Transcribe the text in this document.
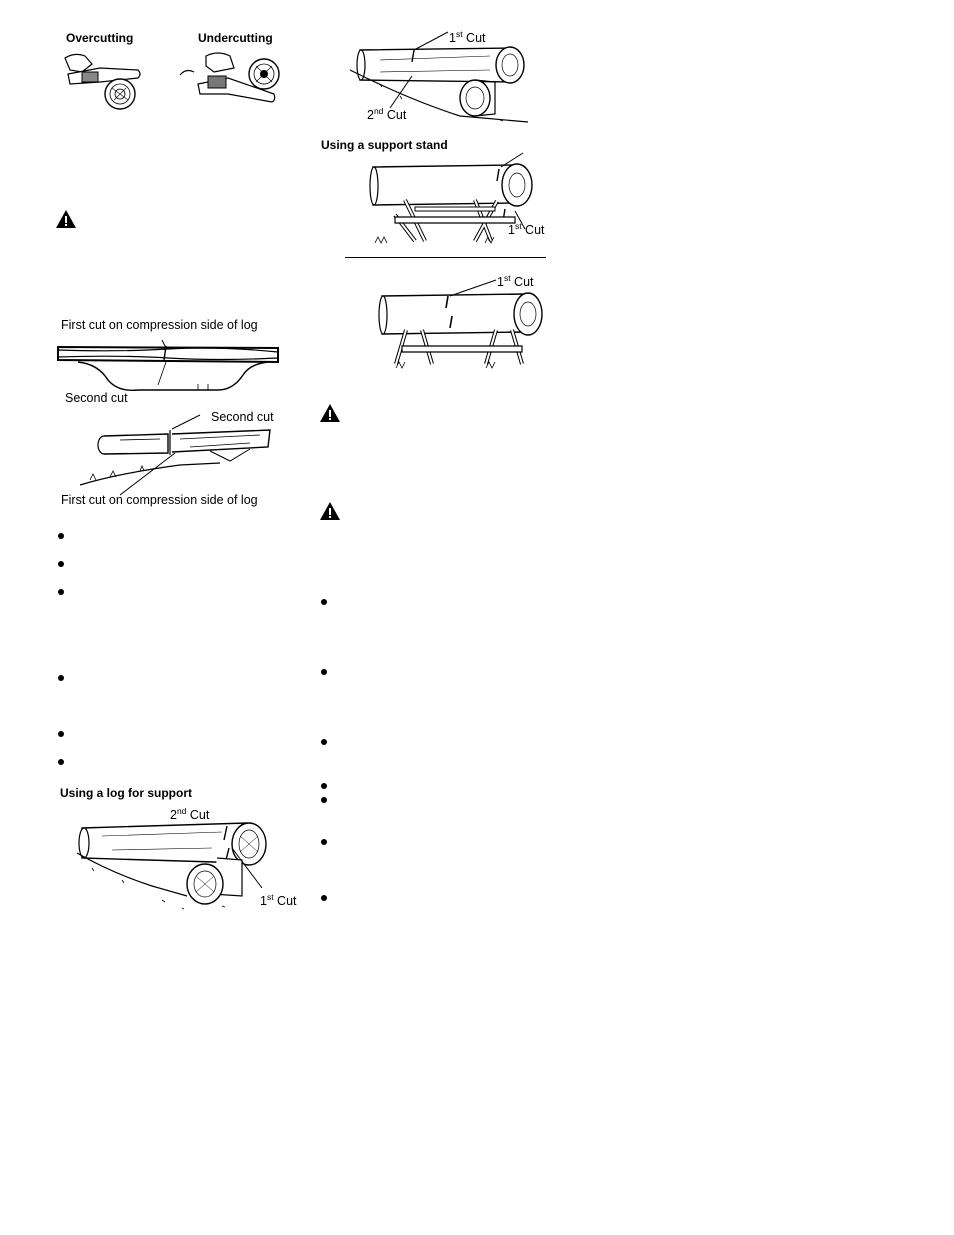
Overcutting	Undercutting
First cut on compression side of log
Second cut
Second cut
First cut on compression side of log
Using a log for support
2nd Cut
1st Cut
1st Cut
2nd Cut
Using a support stand
1st Cut
1st Cut
